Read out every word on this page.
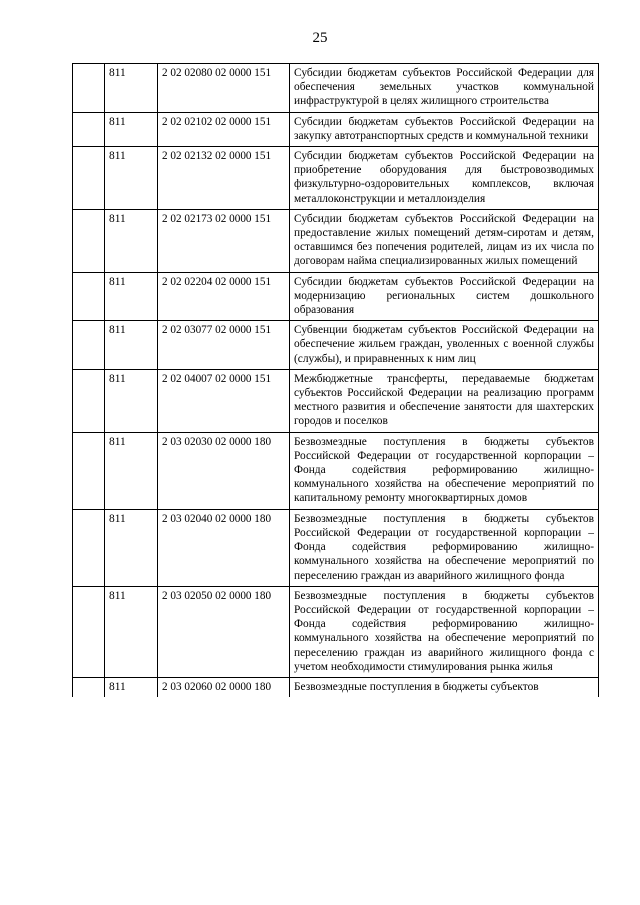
25
	811	2 02 02080 02 0000 151	Субсидии бюджетам субъектов Российской Федерации для обеспечения земельных участков коммунальной инфраструктурой в целях жилищного строительства
	811	2 02 02102 02 0000 151	Субсидии бюджетам субъектов Российской Федерации на закупку автотранспортных средств и коммунальной техники
	811	2 02 02132 02 0000 151	Субсидии бюджетам субъектов Российской Федерации на приобретение оборудования для быстровозводимых физкультурно-оздоровительных комплексов, включая металлоконструкции и металлоизделия
	811	2 02 02173 02 0000 151	Субсидии бюджетам субъектов Российской Федерации на предоставление жилых помещений детям-сиротам и детям, оставшимся без попечения родителей, лицам из их числа по договорам найма специализированных жилых помещений
	811	2 02 02204 02 0000 151	Субсидии бюджетам субъектов Российской Федерации на модернизацию региональных систем дошкольного образования
	811	2 02 03077 02 0000 151	Субвенции бюджетам субъектов Российской Федерации на обеспечение жильем граждан, уволенных с военной службы (службы), и приравненных к ним лиц
	811	2 02 04007 02 0000 151	Межбюджетные трансферты, передаваемые бюджетам субъектов Российской Федерации на реализацию программ местного развития и обеспечение занятости для шахтерских городов и поселков
	811	2 03 02030 02 0000 180	Безвозмездные поступления в бюджеты субъектов Российской Федерации от государственной корпорации – Фонда содействия реформированию жилищно-коммунального хозяйства на обеспечение мероприятий по капитальному ремонту многоквартирных домов
	811	2 03 02040 02 0000 180	Безвозмездные поступления в бюджеты субъектов Российской Федерации от государственной корпорации – Фонда содействия реформированию жилищно-коммунального хозяйства на обеспечение мероприятий по переселению граждан из аварийного жилищного фонда
	811	2 03 02050 02 0000 180	Безвозмездные поступления в бюджеты субъектов Российской Федерации от государственной корпорации –Фонда содействия реформированию жилищно-коммунального хозяйства на обеспечение мероприятий по переселению граждан из аварийного жилищного фонда с учетом необходимости стимулирования рынка жилья
	811	2 03 02060 02 0000 180	Безвозмездные поступления в бюджеты субъектов
